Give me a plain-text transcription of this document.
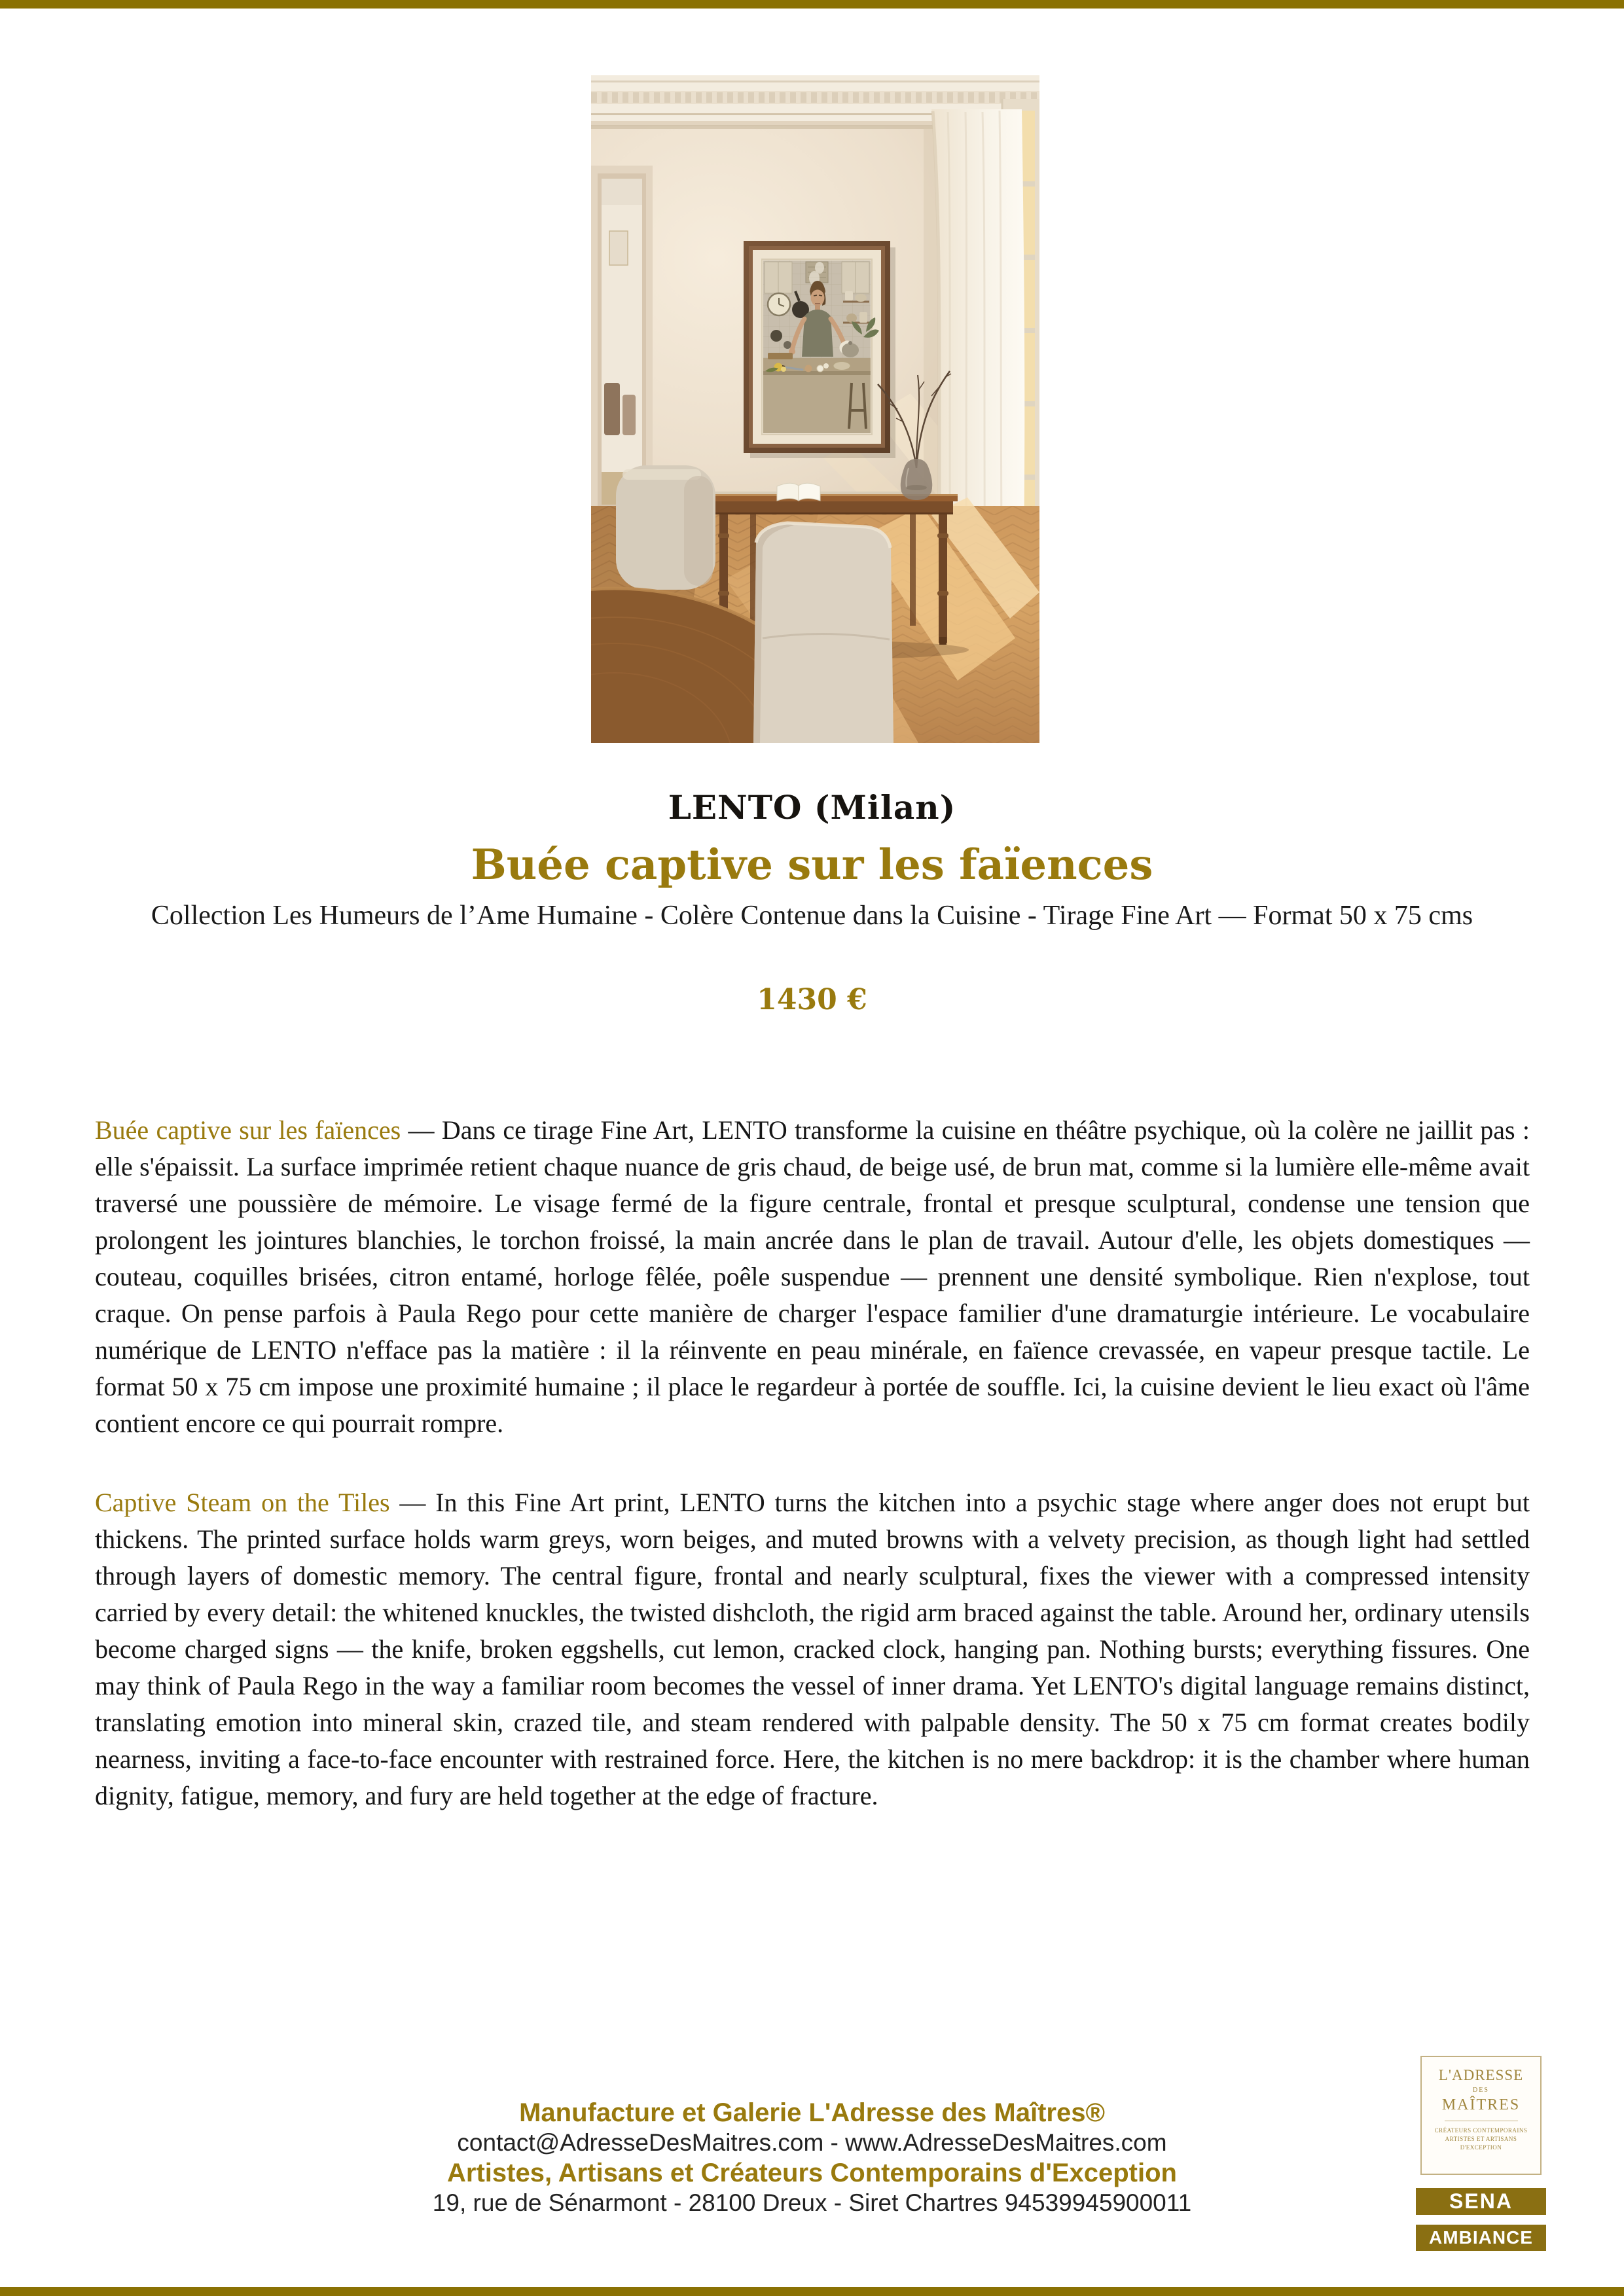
LENTO (Milan)
Buée captive sur les faïences

Collection Les Humeurs de l’Ame Humaine - Colère Contenue dans la Cuisine - Tirage Fine Art — Format 50 x 75 cms

1430 €

Buée captive sur les faïences — Dans ce tirage Fine Art, LENTO transforme la cuisine en théâtre psychique, où la colère ne jaillit pas : elle s'épaissit. La surface imprimée retient chaque nuance de gris chaud, de beige usé, de brun mat, comme si la lumière elle-même avait traversé une poussière de mémoire. Le visage fermé de la figure centrale, frontal et presque sculptural, condense une tension que prolongent les jointures blanchies, le torchon froissé, la main ancrée dans le plan de travail. Autour d'elle, les objets domestiques — couteau, coquilles brisées, citron entamé, horloge fêlée, poêle suspendue — prennent une densité symbolique. Rien n'explose, tout craque. On pense parfois à Paula Rego pour cette manière de charger l'espace familier d'une dramaturgie intérieure. Le vocabulaire numérique de LENTO n'efface pas la matière : il la réinvente en peau minérale, en faïence crevassée, en vapeur presque tactile. Le format 50 x 75 cm impose une proximité humaine ; il place le regardeur à portée de souffle. Ici, la cuisine devient le lieu exact où l'âme contient encore ce qui pourrait rompre.

Captive Steam on the Tiles — In this Fine Art print, LENTO turns the kitchen into a psychic stage where anger does not erupt but thickens. The printed surface holds warm greys, worn beiges, and muted browns with a velvety precision, as though light had settled through layers of domestic memory. The central figure, frontal and nearly sculptural, fixes the viewer with a compressed intensity carried by every detail: the whitened knuckles, the twisted dishcloth, the rigid arm braced against the table. Around her, ordinary utensils become charged signs — the knife, broken eggshells, cut lemon, cracked clock, hanging pan. Nothing bursts; everything fissures. One may think of Paula Rego in the way a familiar room becomes the vessel of inner drama. Yet LENTO's digital language remains distinct, translating emotion into mineral skin, crazed tile, and steam rendered with palpable density. The 50 x 75 cm format creates bodily nearness, inviting a face-to-face encounter with restrained force. Here, the kitchen is no mere backdrop: it is the chamber where human dignity, fatigue, memory, and fury are held together at the edge of fracture.

Manufacture et Galerie L'Adresse des Maîtres®

contact@AdresseDesMaitres.com - www.AdresseDesMaitres.com

Artistes, Artisans et Créateurs Contemporains d'Exception

19, rue de Sénarmont - 28100 Dreux - Siret Chartres 94539945900011

L'ADRESSE
DES
MAÎTRES
CRÉATEURS CONTEMPORAINS
ARTISTES ET ARTISANS
D'EXCEPTION
SENA
AMBIANCE
